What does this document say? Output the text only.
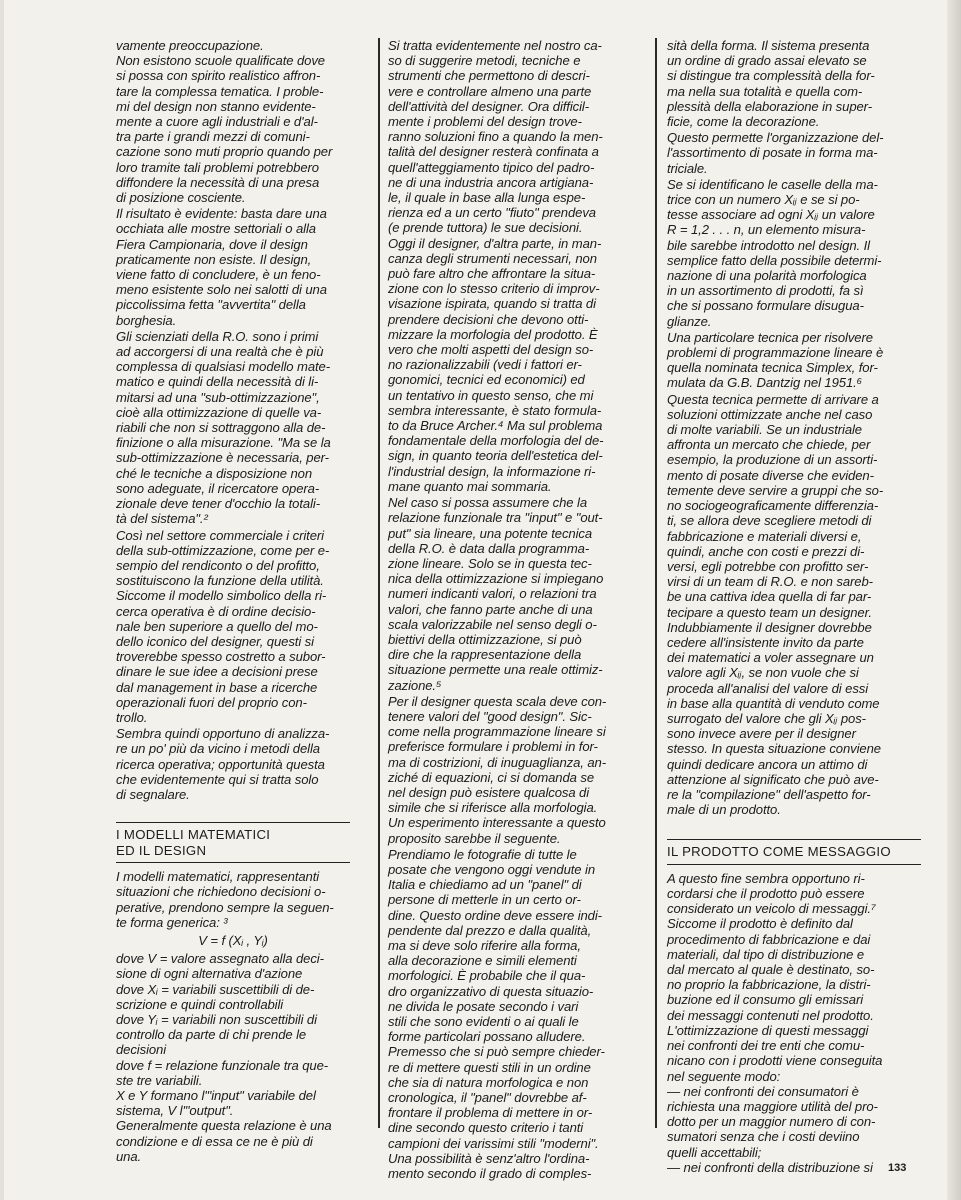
vamente preoccupazione.
Non esistono scuole qualificate dove
si possa con spirito realistico affron-
tare la complessa tematica. I proble-
mi del design non stanno evidente-
mente a cuore agli industriali e d'al-
tra parte i grandi mezzi di comuni-
cazione sono muti proprio quando per
loro tramite tali problemi potrebbero
diffondere la necessità di una presa
di posizione cosciente.

Il risultato è evidente: basta dare una
occhiata alle mostre settoriali o alla
Fiera Campionaria, dove il design
praticamente non esiste. Il design,
viene fatto di concludere, è un feno-
meno esistente solo nei salotti di una
piccolissima fetta "avvertita" della
borghesia.

Gli scienziati della R.O. sono i primi
ad accorgersi di una realtà che è più
complessa di qualsiasi modello mate-
matico e quindi della necessità di li-
mitarsi ad una "sub-ottimizzazione",
cioè alla ottimizzazione di quelle va-
riabili che non si sottraggono alla de-
finizione o alla misurazione. "Ma se la
sub-ottimizzazione è necessaria, per-
ché le tecniche a disposizione non
sono adeguate, il ricercatore opera-
zionale deve tener d'occhio la totali-
tà del sistema".²

Così nel settore commerciale i criteri
della sub-ottimizzazione, come per e-
sempio del rendiconto o del profitto,
sostituiscono la funzione della utilità.
Siccome il modello simbolico della ri-
cerca operativa è di ordine decisio-
nale ben superiore a quello del mo-
dello iconico del designer, questi si
troverebbe spesso costretto a subor-
dinare le sue idee a decisioni prese
dal management in base a ricerche
operazionali fuori del proprio con-
trollo.

Sembra quindi opportuno di analizza-
re un po' più da vicino i metodi della
ricerca operativa; opportunità questa
che evidentemente qui si tratta solo
di segnalare.

I MODELLI MATEMATICI
ED IL DESIGN

I modelli matematici, rappresentanti
situazioni che richiedono decisioni o-
perative, prendono sempre la seguen-
te forma generica: ³

V = f (Xᵢ , Yᵢ)

dove V = valore assegnato alla deci-
sione di ogni alternativa d'azione
dove Xᵢ = variabili suscettibili di de-
scrizione e quindi controllabili
dove Yᵢ = variabili non suscettibili di
controllo da parte di chi prende le
decisioni
dove f = relazione funzionale tra que-
ste tre variabili.
X e Y formano l'"input" variabile del
sistema, V l'"output".
Generalmente questa relazione è una
condizione e di essa ce ne è più di
una.

Si tratta evidentemente nel nostro ca-
so di suggerire metodi, tecniche e
strumenti che permettono di descri-
vere e controllare almeno una parte
dell'attività del designer. Ora difficil-
mente i problemi del design trove-
ranno soluzioni fino a quando la men-
talità del designer resterà confinata a
quell'atteggiamento tipico del padro-
ne di una industria ancora artigiana-
le, il quale in base alla lunga espe-
rienza ed a un certo "fiuto" prendeva
(e prende tuttora) le sue decisioni.
Oggi il designer, d'altra parte, in man-
canza degli strumenti necessari, non
può fare altro che affrontare la situa-
zione con lo stesso criterio di improv-
visazione ispirata, quando si tratta di
prendere decisioni che devono otti-
mizzare la morfologia del prodotto. È
vero che molti aspetti del design so-
no razionalizzabili (vedi i fattori er-
gonomici, tecnici ed economici) ed
un tentativo in questo senso, che mi
sembra interessante, è stato formula-
to da Bruce Archer.⁴ Ma sul problema
fondamentale della morfologia del de-
sign, in quanto teoria dell'estetica del-
l'industrial design, la informazione ri-
mane quanto mai sommaria.

Nel caso si possa assumere che la
relazione funzionale tra "input" e "out-
put" sia lineare, una potente tecnica
della R.O. è data dalla programma-
zione lineare. Solo se in questa tec-
nica della ottimizzazione si impiegano
numeri indicanti valori, o relazioni tra
valori, che fanno parte anche di una
scala valorizzabile nel senso degli o-
biettivi della ottimizzazione, si può
dire che la rappresentazione della
situazione permette una reale ottimiz-
zazione.⁵

Per il designer questa scala deve con-
tenere valori del "good design". Sic-
come nella programmazione lineare si
preferisce formulare i problemi in for-
ma di costrizioni, di inuguaglianza, an-
ziché di equazioni, ci si domanda se
nel design può esistere qualcosa di
simile che si riferisce alla morfologia.
Un esperimento interessante a questo
proposito sarebbe il seguente.

Prendiamo le fotografie di tutte le
posate che vengono oggi vendute in
Italia e chiediamo ad un "panel" di
persone di metterle in un certo or-
dine. Questo ordine deve essere indi-
pendente dal prezzo e dalla qualità,
ma si deve solo riferire alla forma,
alla decorazione e simili elementi
morfologici. È probabile che il qua-
dro organizzativo di questa situazio-
ne divida le posate secondo i vari
stili che sono evidenti o ai quali le
forme particolari possano alludere.
Premesso che si può sempre chieder-
re di mettere questi stili in un ordine
che sia di natura morfologica e non
cronologica, il "panel" dovrebbe af-
frontare il problema di mettere in or-
dine secondo questo criterio i tanti
campioni dei varissimi stili "moderni".
Una possibilità è senz'altro l'ordina-
mento secondo il grado di comples-

sità della forma. Il sistema presenta
un ordine di grado assai elevato se
si distingue tra complessità della for-
ma nella sua totalità e quella com-
plessità della elaborazione in super-
ficie, come la decorazione.

Questo permette l'organizzazione del-
l'assortimento di posate in forma ma-
triciale.

Se si identificano le caselle della ma-
trice con un numero Xᵢⱼ e se si po-
tesse associare ad ogni Xᵢⱼ un valore
R = 1,2 . . . n, un elemento misura-
bile sarebbe introdotto nel design. Il
semplice fatto della possibile determi-
nazione di una polarità morfologica
in un assortimento di prodotti, fa sì
che si possano formulare disugua-
glianze.

Una particolare tecnica per risolvere
problemi di programmazione lineare è
quella nominata tecnica Simplex, for-
mulata da G.B. Dantzig nel 1951.⁶

Questa tecnica permette di arrivare a
soluzioni ottimizzate anche nel caso
di molte variabili. Se un industriale
affronta un mercato che chiede, per
esempio, la produzione di un assorti-
mento di posate diverse che eviden-
temente deve servire a gruppi che so-
no sociogeograficamente differenzia-
ti, se allora deve scegliere metodi di
fabbricazione e materiali diversi e,
quindi, anche con costi e prezzi di-
versi, egli potrebbe con profitto ser-
virsi di un team di R.O. e non sareb-
be una cattiva idea quella di far par-
tecipare a questo team un designer.
Indubbiamente il designer dovrebbe
cedere all'insistente invito da parte
dei matematici a voler assegnare un
valore agli Xᵢⱼ, se non vuole che si
proceda all'analisi del valore di essi
in base alla quantità di venduto come
surrogato del valore che gli Xᵢⱼ pos-
sono invece avere per il designer
stesso. In questa situazione conviene
quindi dedicare ancora un attimo di
attenzione al significato che può ave-
re la "compilazione" dell'aspetto for-
male di un prodotto.

IL PRODOTTO COME MESSAGGIO

A questo fine sembra opportuno ri-
cordarsi che il prodotto può essere
considerato un veicolo di messaggi.⁷
Siccome il prodotto è definito dal
procedimento di fabbricazione e dai
materiali, dal tipo di distribuzione e
dal mercato al quale è destinato, so-
no proprio la fabbricazione, la distri-
buzione ed il consumo gli emissari
dei messaggi contenuti nel prodotto.
L'ottimizzazione di questi messaggi
nei confronti dei tre enti che comu-
nicano con i prodotti viene conseguita
nel seguente modo:
— nei confronti dei consumatori è
richiesta una maggiore utilità del pro-
dotto per un maggior numero di con-
sumatori senza che i costi deviino
quelli accettabili;
— nei confronti della distribuzione si	133
